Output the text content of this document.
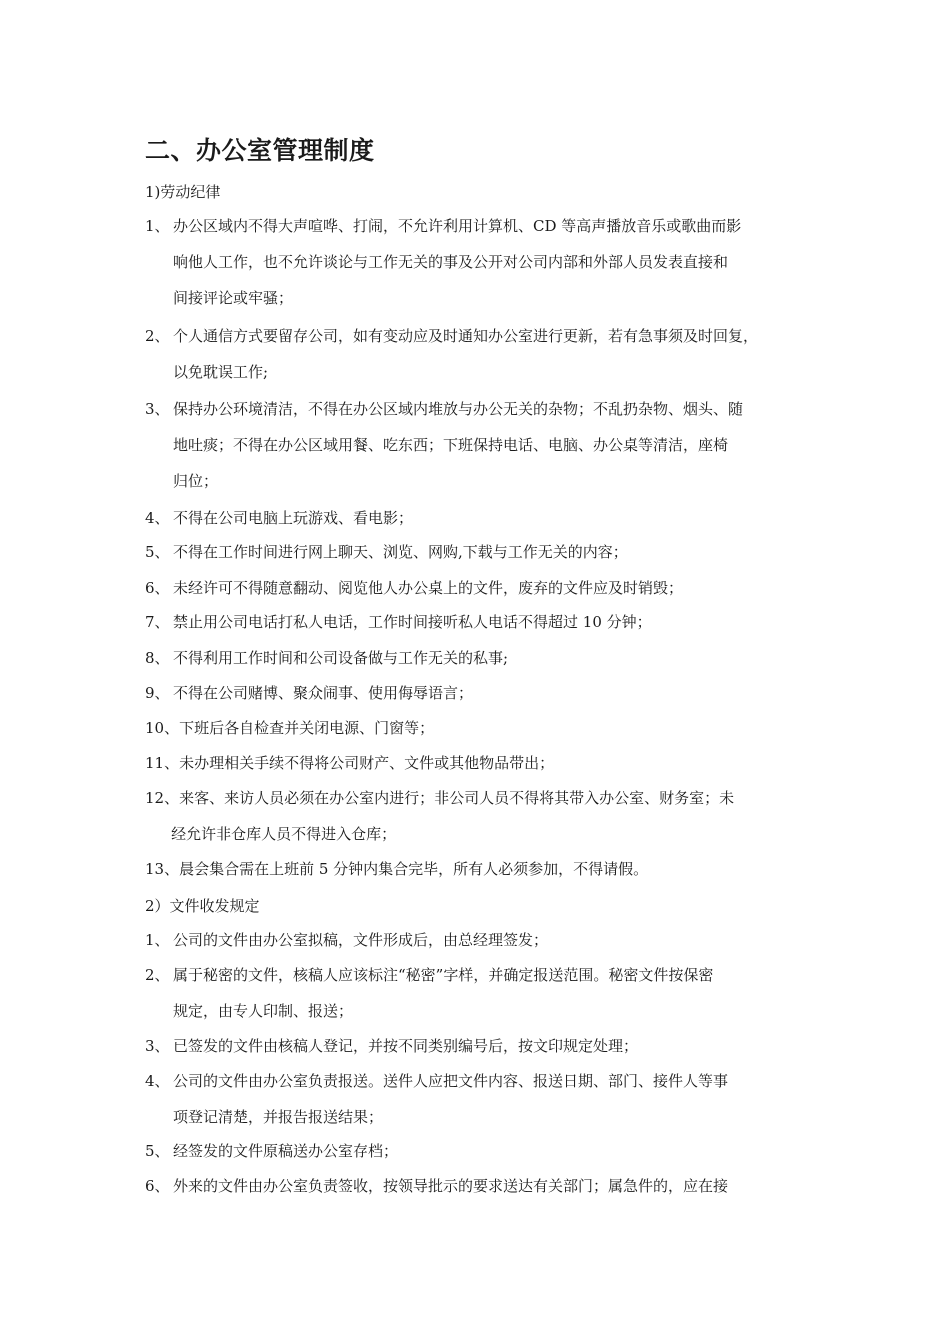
二、办公室管理制度

1)劳动纪律

1、 办公区域内不得大声喧哗、打闹，不允许利用计算机、CD 等高声播放音乐或歌曲而影
响他人工作，也不允许谈论与工作无关的事及公开对公司内部和外部人员发表直接和
间接评论或牢骚；
2、 个人通信方式要留存公司，如有变动应及时通知办公室进行更新，若有急事须及时回复，
以免耽误工作;
3、 保持办公环境清洁，不得在办公区域内堆放与办公无关的杂物；不乱扔杂物、烟头、随
地吐痰；不得在办公区域用餐、吃东西；下班保持电话、电脑、办公桌等清洁，座椅
归位；
4、 不得在公司电脑上玩游戏、看电影；
5、 不得在工作时间进行网上聊天、浏览、网购,下载与工作无关的内容；
6、 未经许可不得随意翻动、阅览他人办公桌上的文件，废弃的文件应及时销毁；
7、 禁止用公司电话打私人电话，工作时间接听私人电话不得超过 10 分钟；
8、 不得利用工作时间和公司设备做与工作无关的私事;
9、 不得在公司赌博、聚众闹事、使用侮辱语言；
10、 下班后各自检查并关闭电源、门窗等；
11、 未办理相关手续不得将公司财产、文件或其他物品带出；
12、 来客、来访人员必须在办公室内进行；非公司人员不得将其带入办公室、财务室；未
经允许非仓库人员不得进入仓库；
13、 晨会集合需在上班前 5 分钟内集合完毕，所有人必须参加，不得请假。

2）文件收发规定

1、 公司的文件由办公室拟稿，文件形成后，由总经理签发；
2、 属于秘密的文件，核稿人应该标注“秘密”字样，并确定报送范围。秘密文件按保密
规定，由专人印制、报送；
3、 已签发的文件由核稿人登记，并按不同类别编号后，按文印规定处理；
4、 公司的文件由办公室负责报送。送件人应把文件内容、报送日期、部门、接件人等事
项登记清楚，并报告报送结果；
5、 经签发的文件原稿送办公室存档；
6、 外来的文件由办公室负责签收，按领导批示的要求送达有关部门；属急件的，应在接
